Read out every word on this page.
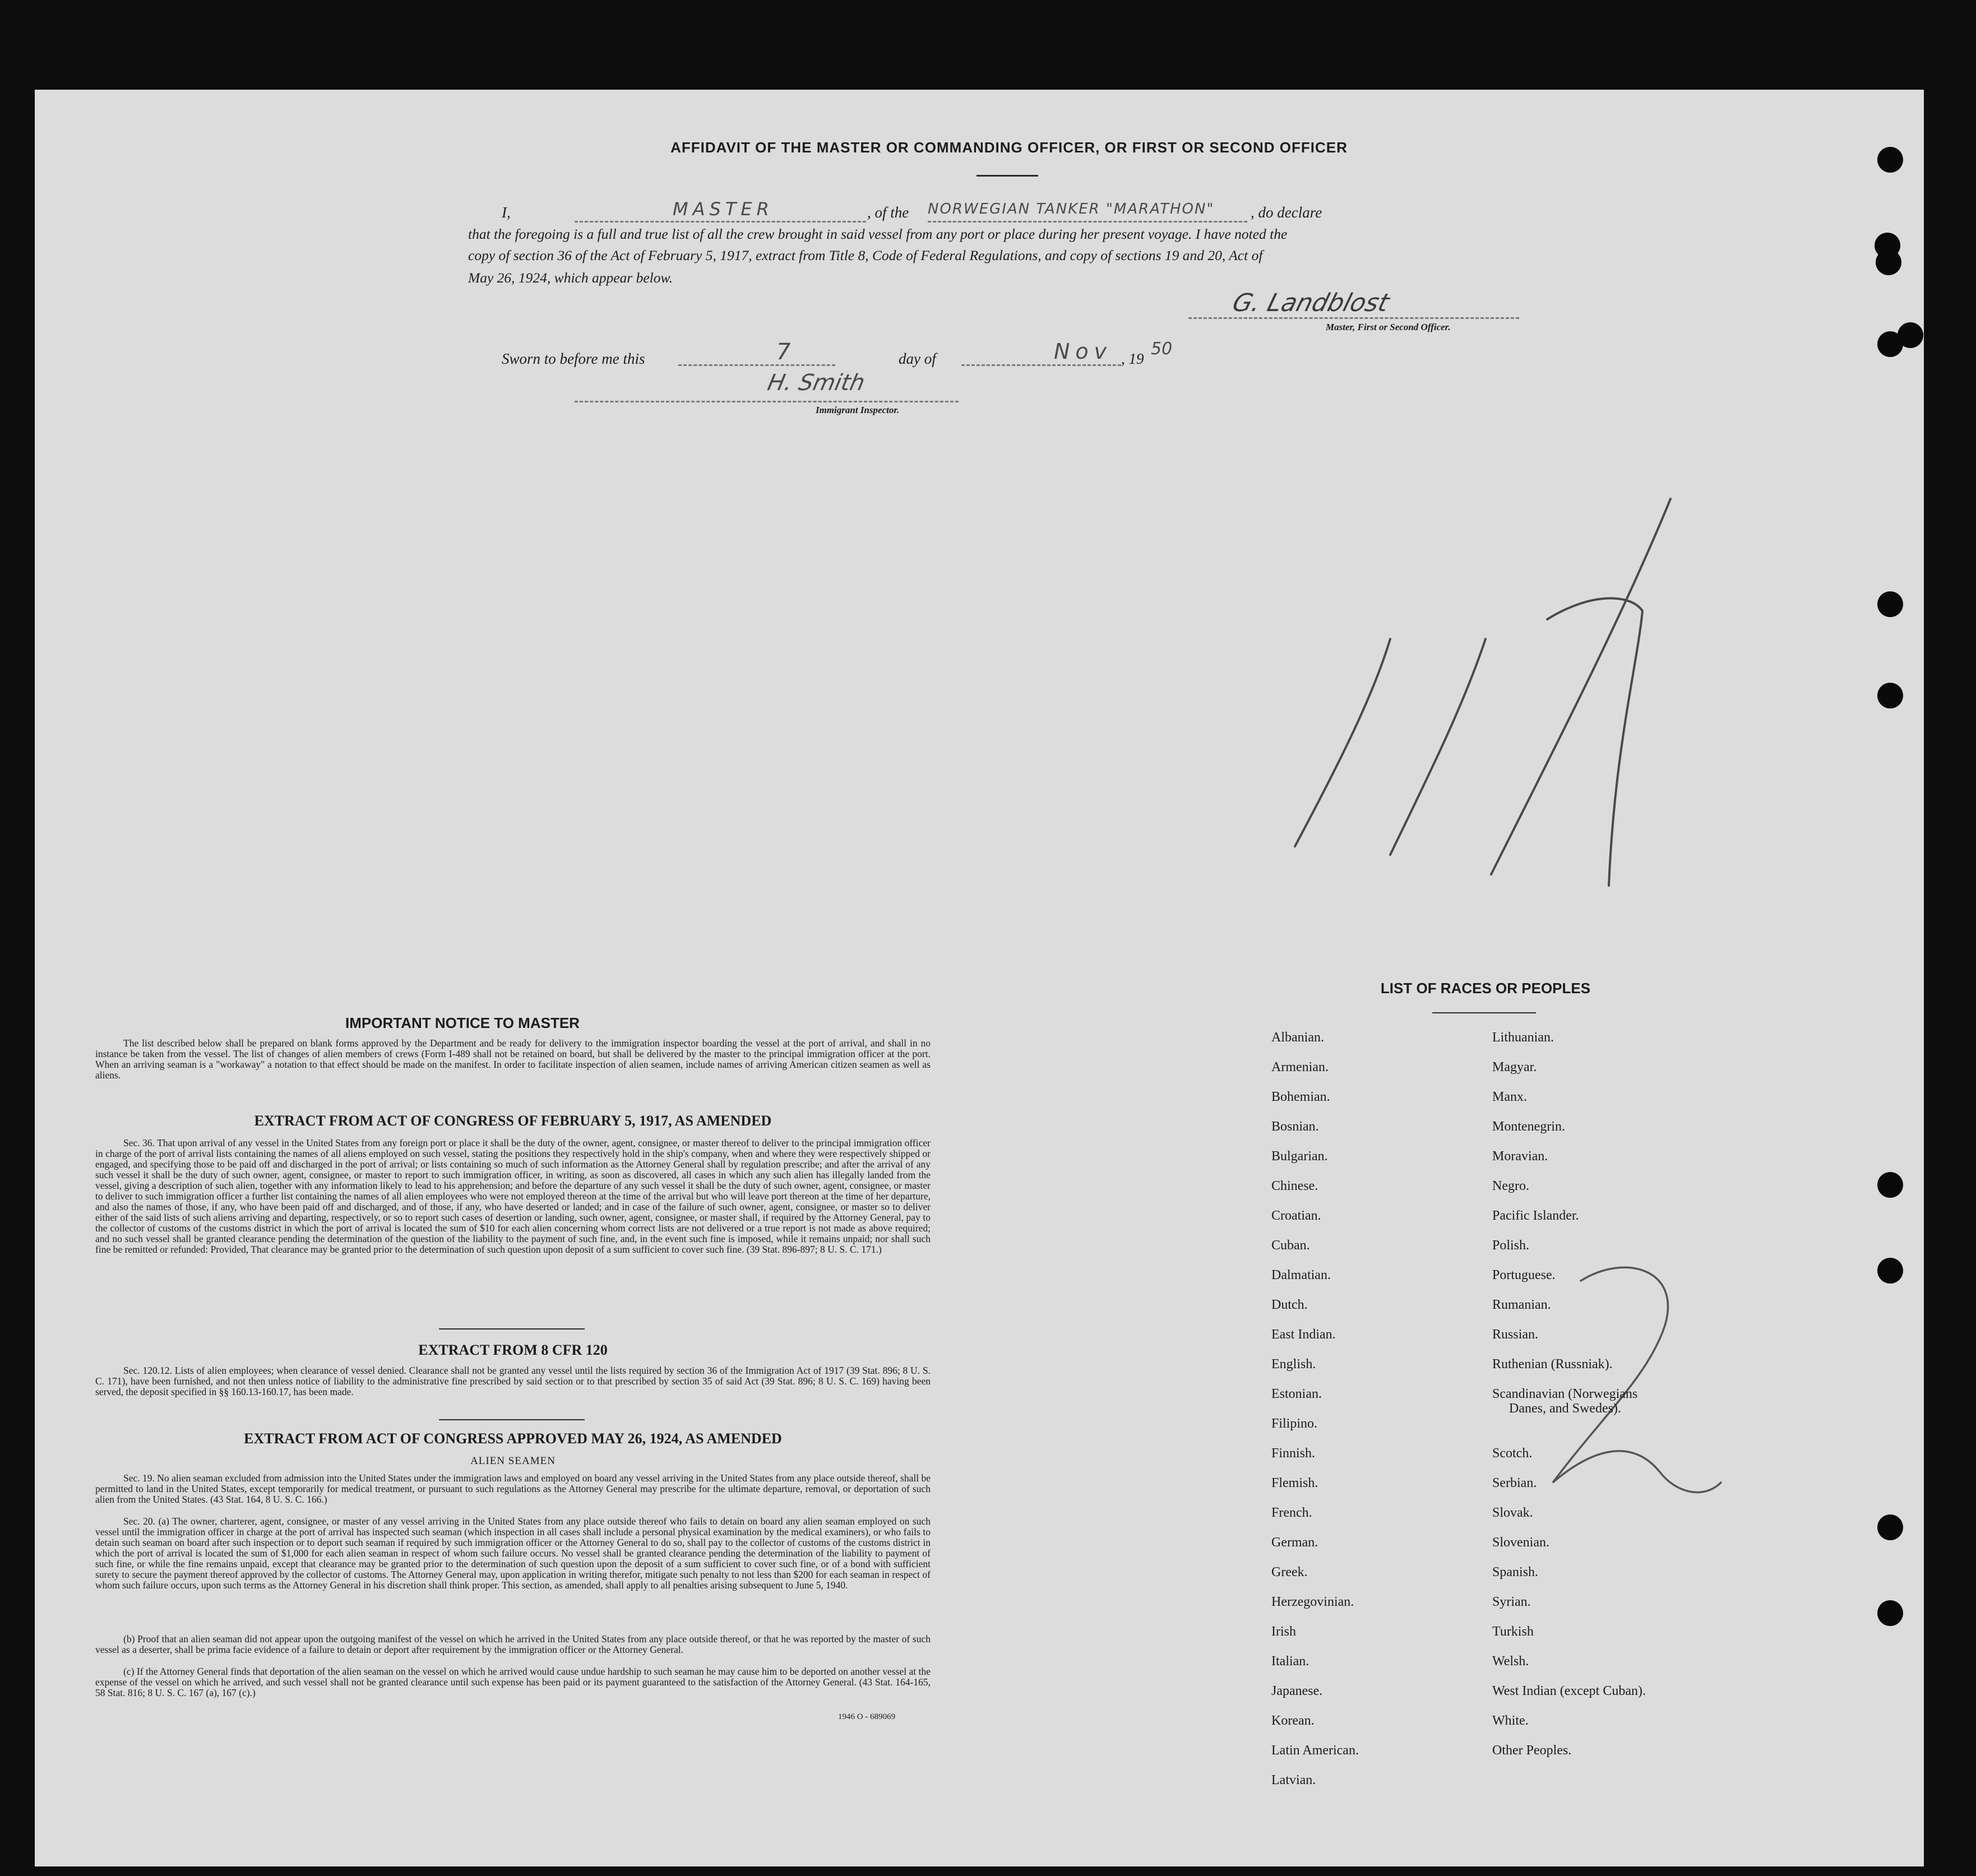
AFFIDAVIT OF THE MASTER OR COMMANDING OFFICER, OR FIRST OR SECOND OFFICER
I,	MASTER	, of the NORWEGIAN TANKER "MARATHON" , do declare
that the foregoing is a full and true list of all the crew brought in said vessel from any port or place during her present voyage. I have noted the
copy of section 36 of the Act of February 5, 1917, extract from Title 8, Code of Federal Regulations, and copy of sections 19 and 20, Act of
May 26, 1924, which appear below.
G. Landblost
Master, First or Second Officer.
Sworn to before me this	7	day of	Nov , 19 50
H. Smith
Immigrant Inspector.
IMPORTANT NOTICE TO MASTER
The list described below shall be prepared on blank forms approved by the Department and be ready for delivery to the immigration inspector boarding the vessel at the port of arrival, and shall in no instance be taken from the vessel. The list of changes of alien members of crews (Form I-489 shall not be retained on board, but shall be delivered by the master to the principal immigration officer at the port. When an arriving seaman is a "workaway" a notation to that effect should be made on the manifest. In order to facilitate inspection of alien seamen, include names of arriving American citizen seamen as well as aliens.
EXTRACT FROM ACT OF CONGRESS OF FEBRUARY 5, 1917, AS AMENDED
Sec. 36. That upon arrival of any vessel in the United States from any foreign port or place it shall be the duty of the owner, agent, consignee, or master thereof to deliver to the principal immigration officer in charge of the port of arrival lists containing the names of all aliens employed on such vessel, stating the positions they respectively hold in the ship's company, when and where they were respectively shipped or engaged, and specifying those to be paid off and discharged in the port of arrival; or lists containing so much of such information as the Attorney General shall by regulation prescribe; and after the arrival of any such vessel it shall be the duty of such owner, agent, consignee, or master to report to such immigration officer, in writing, as soon as discovered, all cases in which any such alien has illegally landed from the vessel, giving a description of such alien, together with any information likely to lead to his apprehension; and before the departure of any such vessel it shall be the duty of such owner, agent, consignee, or master to deliver to such immigration officer a further list containing the names of all alien employees who were not employed thereon at the time of the arrival but who will leave port thereon at the time of her departure, and also the names of those, if any, who have been paid off and discharged, and of those, if any, who have deserted or landed; and in case of the failure of such owner, agent, consignee, or master so to deliver either of the said lists of such aliens arriving and departing, respectively, or so to report such cases of desertion or landing, such owner, agent, consignee, or master shall, if required by the Attorney General, pay to the collector of customs of the customs district in which the port of arrival is located the sum of $10 for each alien concerning whom correct lists are not delivered or a true report is not made as above required; and no such vessel shall be granted clearance pending the determination of the question of the liability to the payment of such fine, and, in the event such fine is imposed, while it remains unpaid; nor shall such fine be remitted or refunded: Provided, That clearance may be granted prior to the determination of such question upon deposit of a sum sufficient to cover such fine. (39 Stat. 896-897; 8 U. S. C. 171.)
EXTRACT FROM 8 CFR 120
Sec. 120.12. Lists of alien employees; when clearance of vessel denied. Clearance shall not be granted any vessel until the lists required by section 36 of the Immigration Act of 1917 (39 Stat. 896; 8 U. S. C. 171), have been furnished, and not then unless notice of liability to the administrative fine prescribed by said section or to that prescribed by section 35 of said Act (39 Stat. 896; 8 U. S. C. 169) having been served, the deposit specified in §§ 160.13-160.17, has been made.
EXTRACT FROM ACT OF CONGRESS APPROVED MAY 26, 1924, AS AMENDED
ALIEN SEAMEN
Sec. 19. No alien seaman excluded from admission into the United States under the immigration laws and employed on board any vessel arriving in the United States from any place outside thereof, shall be permitted to land in the United States, except temporarily for medical treatment, or pursuant to such regulations as the Attorney General may prescribe for the ultimate departure, removal, or deportation of such alien from the United States. (43 Stat. 164, 8 U. S. C. 166.)
Sec. 20. (a) The owner, charterer, agent, consignee, or master of any vessel arriving in the United States from any place outside thereof who fails to detain on board any alien seaman employed on such vessel until the immigration officer in charge at the port of arrival has inspected such seaman (which inspection in all cases shall include a personal physical examination by the medical examiners), or who fails to detain such seaman on board after such inspection or to deport such seaman if required by such immigration officer or the Attorney General to do so, shall pay to the collector of customs of the customs district in which the port of arrival is located the sum of $1,000 for each alien seaman in respect of whom such failure occurs. No vessel shall be granted clearance pending the determination of the liability to payment of such fine, or while the fine remains unpaid, except that clearance may be granted prior to the determination of such question upon the deposit of a sum sufficient to cover such fine, or of a bond with sufficient surety to secure the payment thereof approved by the collector of customs. The Attorney General may, upon application in writing therefor, mitigate such penalty to not less than $200 for each seaman in respect of whom such failure occurs, upon such terms as the Attorney General in his discretion shall think proper. This section, as amended, shall apply to all penalties arising subsequent to June 5, 1940.
(b) Proof that an alien seaman did not appear upon the outgoing manifest of the vessel on which he arrived in the United States from any place outside thereof, or that he was reported by the master of such vessel as a deserter, shall be prima facie evidence of a failure to detain or deport after requirement by the immigration officer or the Attorney General.
(c) If the Attorney General finds that deportation of the alien seaman on the vessel on which he arrived would cause undue hardship to such seaman he may cause him to be deported on another vessel at the expense of the vessel on which he arrived, and such vessel shall not be granted clearance until such expense has been paid or its payment guaranteed to the satisfaction of the Attorney General. (43 Stat. 164-165, 58 Stat. 816; 8 U. S. C. 167 (a), 167 (c).)
1946 O - 689069
LIST OF RACES OR PEOPLES
Albanian.
Armenian.
Bohemian.
Bosnian.
Bulgarian.
Chinese.
Croatian.
Cuban.
Dalmatian.
Dutch.
East Indian.
English.
Estonian.
Filipino.
Finnish.
Flemish.
French.
German.
Greek.
Herzegovinian.
Irish
Italian.
Japanese.
Korean.
Latin American.
Latvian.
Lithuanian.
Magyar.
Manx.
Montenegrin.
Moravian.
Negro.
Pacific Islander.
Polish.
Portuguese.
Rumanian.
Russian.
Ruthenian (Russniak).
Scandinavian (Norwegians
Danes, and Swedes).
Scotch.
Serbian.
Slovak.
Slovenian.
Spanish.
Syrian.
Turkish
Welsh.
West Indian (except Cuban).
White.
Other Peoples.
